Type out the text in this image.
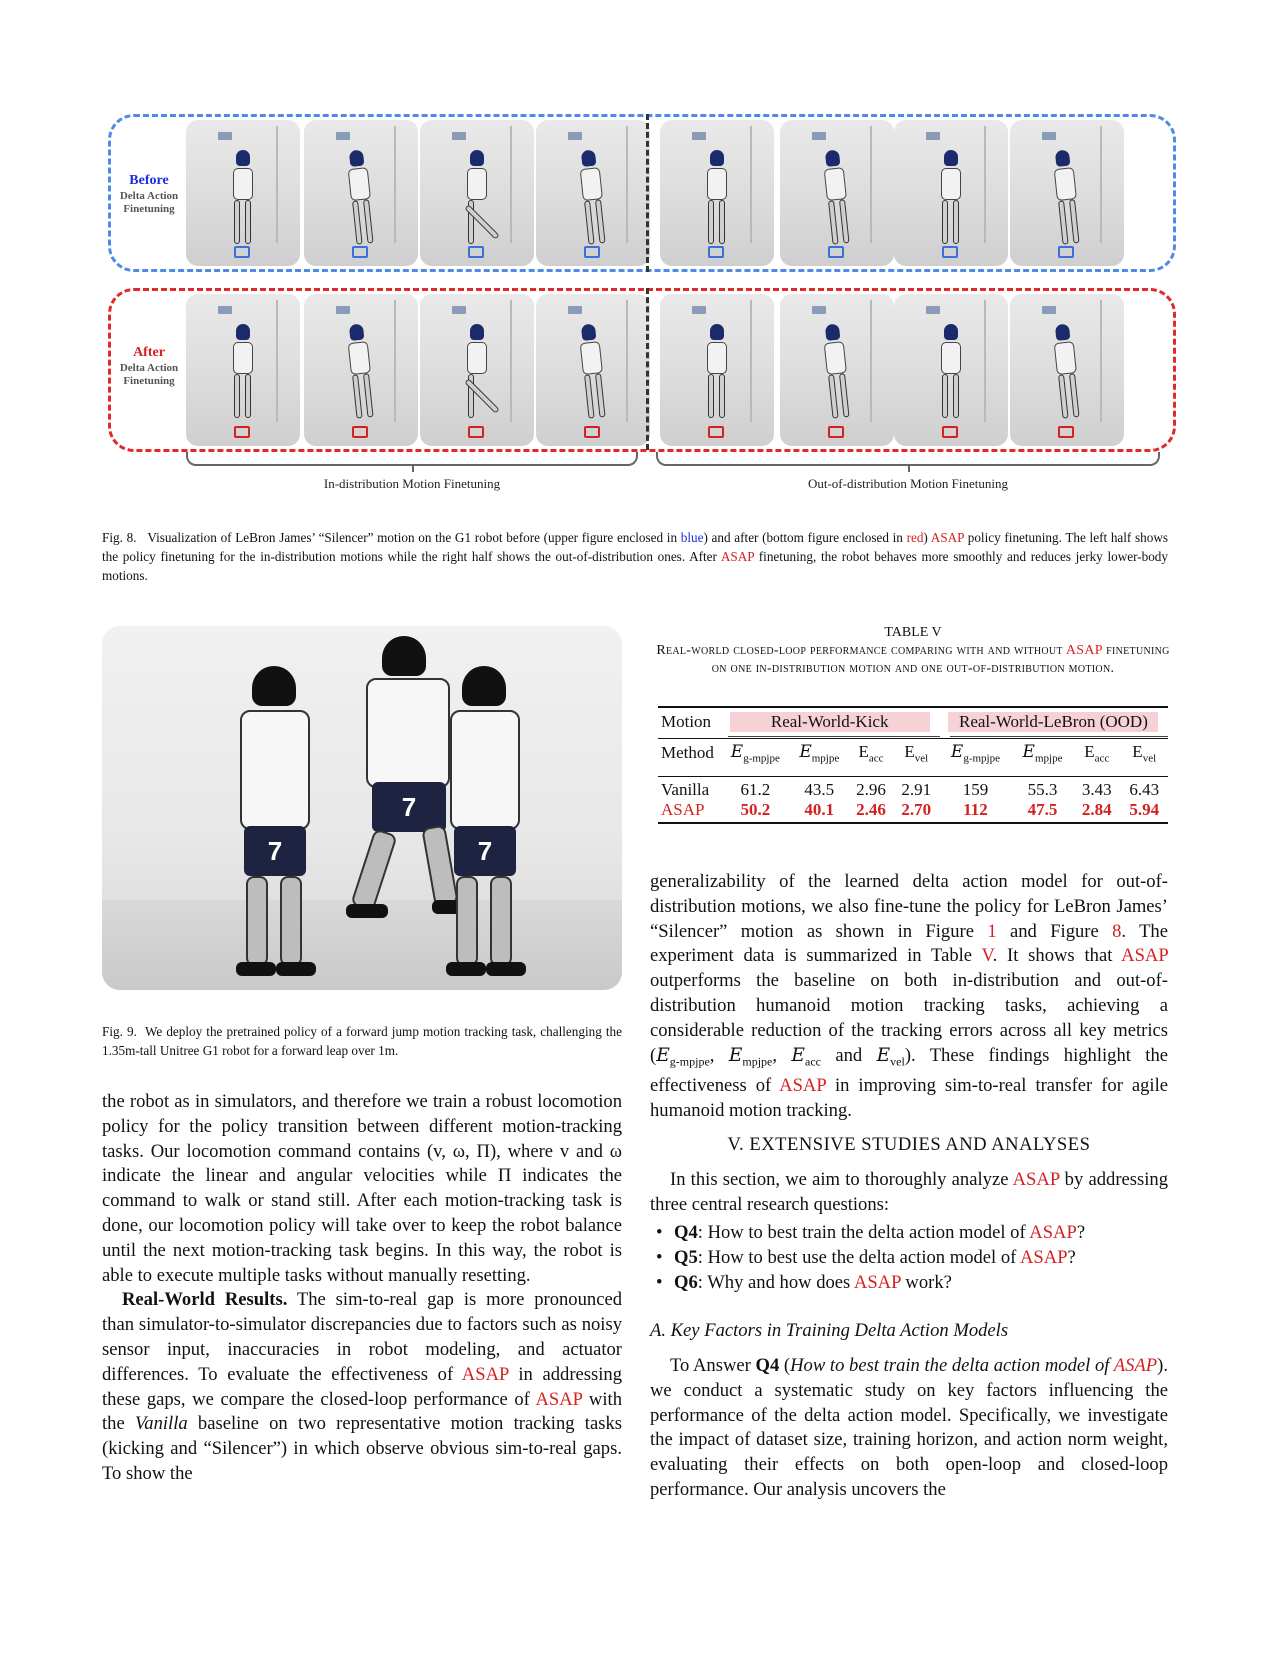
Before
Delta Action Finetuning
After
Delta Action Finetuning
In-distribution Motion Finetuning	Out-of-distribution Motion Finetuning
Fig. 8. Visualization of LeBron James’ “Silencer” motion on the G1 robot before (upper figure enclosed in blue) and after (bottom figure enclosed in red) ASAP policy finetuning. The left half shows the policy finetuning for the in-distribution motions while the right half shows the out-of-distribution ones. After ASAP finetuning, the robot behaves more smoothly and reduces jerky lower-body motions.
7
7
7
Fig. 9. We deploy the pretrained policy of a forward jump motion tracking task, challenging the 1.35m-tall Unitree G1 robot for a forward leap over 1m.
TABLE V
Real-world closed-loop performance comparing with and without ASAP finetuning on one in-distribution motion and one out-of-distribution motion.
Motion	Real-World-Kick				Real-World-LeBron (OOD)			
Method	$E_{g-mpjpe}$	$E_{mpjpe}$	$E_{acc}$	$E_{vel}$	$E_{g-mpjpe}$	$E_{mpjpe}$	$E_{acc}$	$E_{vel}$

Vanilla	61.2	43.5	2.96	2.91	159	55.3	3.43	6.43
ASAP	50.2	40.1	2.46	2.70	112	47.5	2.84	5.94

the robot as in simulators, and therefore we train a robust locomotion policy for the policy transition between different motion-tracking tasks. Our locomotion command contains (v, ω, Π), where v and ω indicate the linear and angular velocities while Π indicates the command to walk or stand still. After each motion-tracking task is done, our locomotion policy will take over to keep the robot balance until the next motion-tracking task begins. In this way, the robot is able to execute multiple tasks without manually resetting.

Real-World Results. The sim-to-real gap is more pronounced than simulator-to-simulator discrepancies due to factors such as noisy sensor input, inaccuracies in robot modeling, and actuator differences. To evaluate the effectiveness of ASAP in addressing these gaps, we compare the closed-loop performance of ASAP with the Vanilla baseline on two representative motion tracking tasks (kicking and “Silencer”) in which observe obvious sim-to-real gaps. To show the

generalizability of the learned delta action model for out-of-distribution motions, we also fine-tune the policy for LeBron James’ “Silencer” motion as shown in Figure 1 and Figure 8. The experiment data is summarized in Table V. It shows that ASAP outperforms the baseline on both in-distribution and out-of-distribution humanoid motion tracking tasks, achieving a considerable reduction of the tracking errors across all key metrics ($E_{g-mpjpe}$, $E_{mpjpe}$, $E_{acc}$ and $E_{vel}$). These findings highlight the effectiveness of ASAP in improving sim-to-real transfer for agile humanoid motion tracking.

V. EXTENSIVE STUDIES AND ANALYSES

In this section, we aim to thoroughly analyze ASAP by addressing three central research questions:

• Q4: How to best train the delta action model of ASAP?
• Q5: How to best use the delta action model of ASAP?
• Q6: Why and how does ASAP work?
A. Key Factors in Training Delta Action Models

To Answer Q4 (How to best train the delta action model of ASAP). we conduct a systematic study on key factors influencing the performance of the delta action model. Specifically, we investigate the impact of dataset size, training horizon, and action norm weight, evaluating their effects on both open-loop and closed-loop performance. Our analysis uncovers the
